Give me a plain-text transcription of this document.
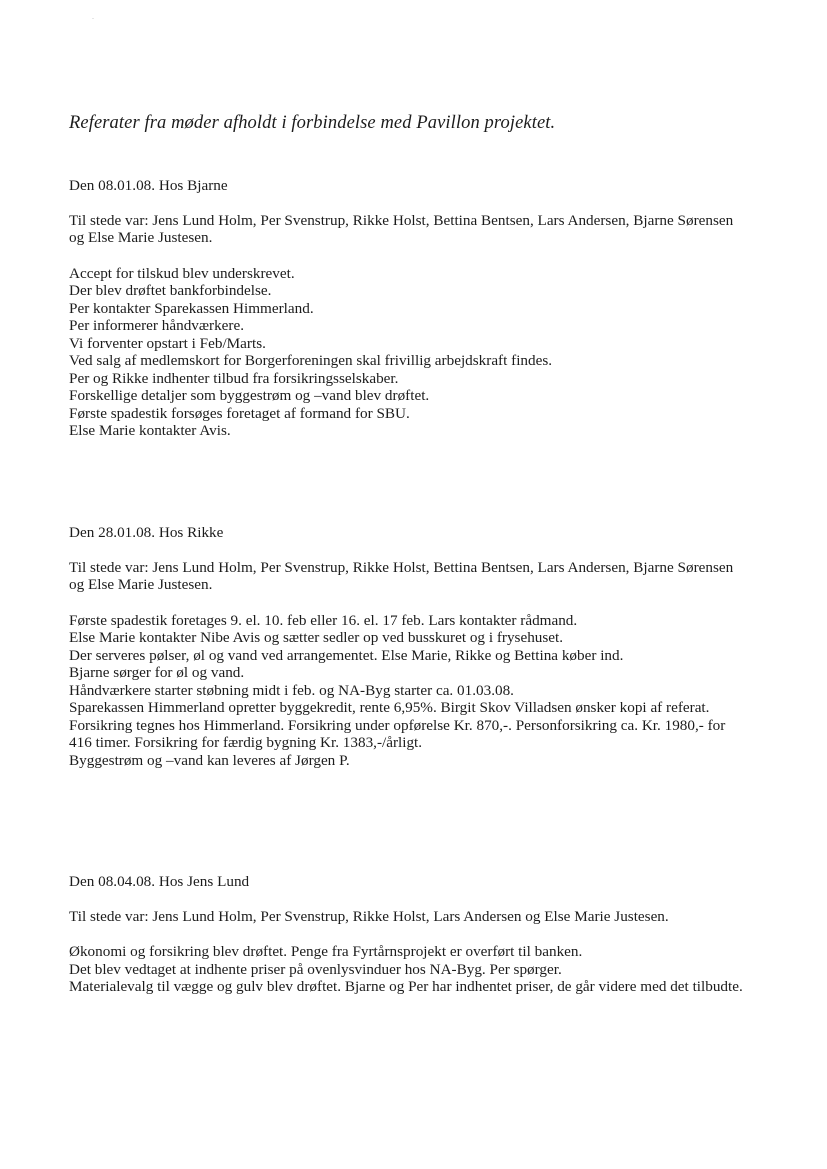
Referater fra møder afholdt i forbindelse med Pavillon projektet.

Den 08.01.08. Hos Bjarne

Til stede var: Jens Lund Holm, Per Svenstrup, Rikke Holst, Bettina Bentsen, Lars Andersen, Bjarne Sørensen og Else Marie Justesen.

Accept for tilskud blev underskrevet.

Der blev drøftet bankforbindelse.

Per kontakter Sparekassen Himmerland.

Per informerer håndværkere.

Vi forventer opstart i Feb/Marts.

Ved salg af medlemskort for Borgerforeningen skal frivillig arbejdskraft findes.

Per og Rikke indhenter tilbud fra forsikringsselskaber.

Forskellige detaljer som byggestrøm og –vand blev drøftet.

Første spadestik forsøges foretaget af formand for SBU.

Else Marie kontakter Avis.

Den 28.01.08. Hos Rikke

Til stede var: Jens Lund Holm, Per Svenstrup, Rikke Holst, Bettina Bentsen, Lars Andersen, Bjarne Sørensen og Else Marie Justesen.

Første spadestik foretages 9. el. 10. feb eller 16. el. 17 feb. Lars kontakter rådmand.

Else Marie kontakter Nibe Avis og sætter sedler op ved busskuret og i frysehuset.

Der serveres pølser, øl og vand ved arrangementet. Else Marie, Rikke og Bettina køber ind.

Bjarne sørger for øl og vand.

Håndværkere starter støbning midt i feb. og NA-Byg starter ca. 01.03.08.

Sparekassen Himmerland opretter byggekredit, rente 6,95%. Birgit Skov Villadsen ønsker kopi af referat.

Forsikring tegnes hos Himmerland. Forsikring under opførelse Kr. 870,-. Personforsikring ca. Kr. 1980,- for 416 timer. Forsikring for færdig bygning Kr. 1383,-/årligt.

Byggestrøm og –vand kan leveres af Jørgen P.

Den 08.04.08. Hos Jens Lund

Til stede var: Jens Lund Holm, Per Svenstrup, Rikke Holst, Lars Andersen og Else Marie Justesen.

Økonomi og forsikring blev drøftet. Penge fra Fyrtårnsprojekt er overført til banken.

Det blev vedtaget at indhente priser på ovenlysvinduer hos NA-Byg. Per spørger.

Materialevalg til vægge og gulv blev drøftet. Bjarne og Per har indhentet priser, de går videre med det tilbudte.
